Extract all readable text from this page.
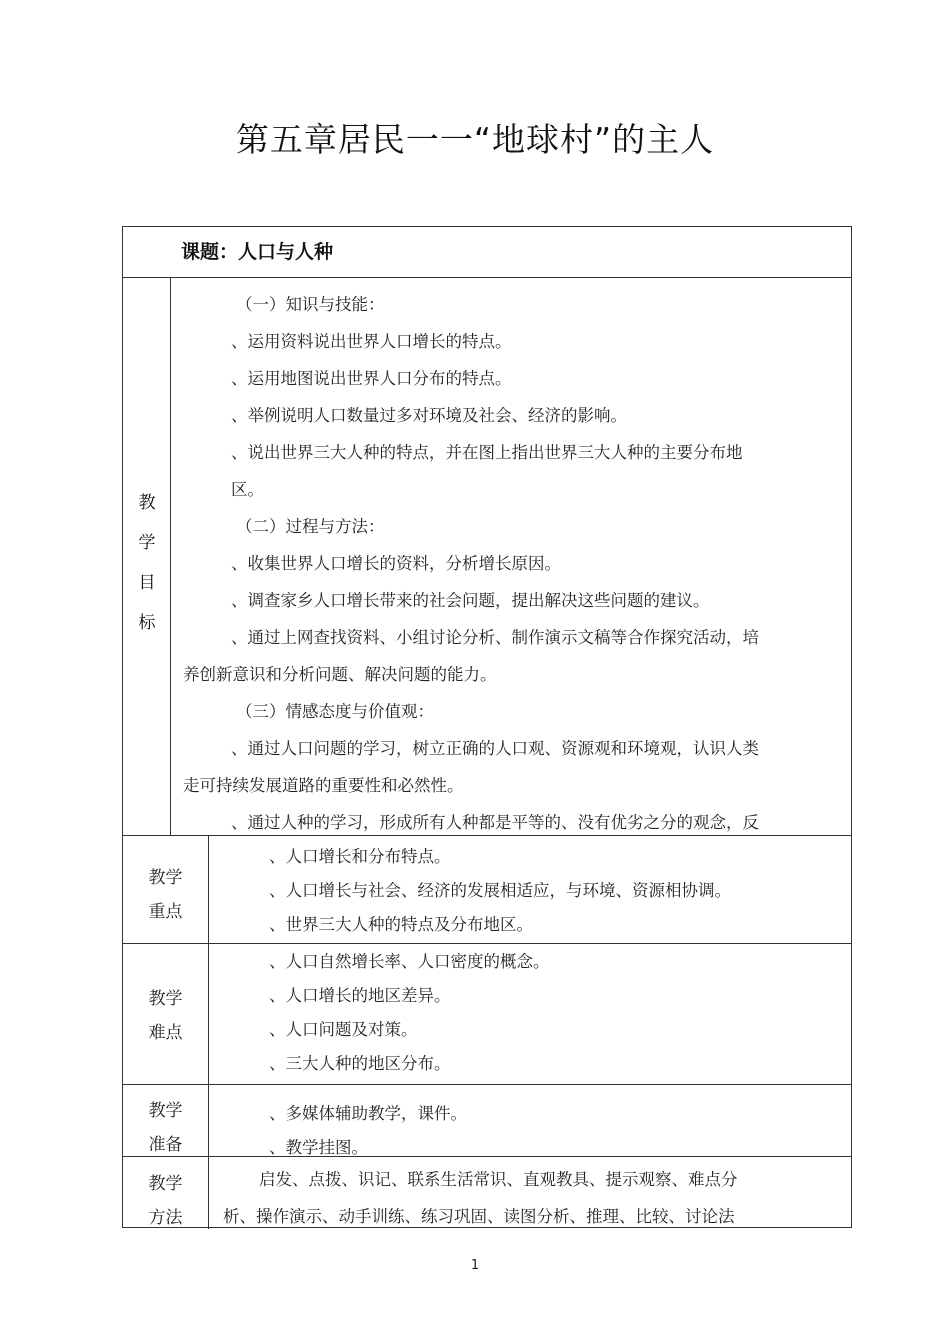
第五章居民一一“地球村”的主人
课题：人口与人种
教
学
目
标
（一）知识与技能：
、运用资料说出世界人口增长的特点。
、运用地图说出世界人口分布的特点。
、举例说明人口数量过多对环境及社会、经济的影响。
、说出世界三大人种的特点，并在图上指出世界三大人种的主要分布地
区。
（二）过程与方法：
、收集世界人口增长的资料，分析增长原因。
、调查家乡人口增长带来的社会问题，提出解决这些问题的建议。
、通过上网查找资料、小组讨论分析、制作演示文稿等合作探究活动，培
养创新意识和分析问题、解决问题的能力。
（三）情感态度与价值观：
、通过人口问题的学习，树立正确的人口观、资源观和环境观，认识人类
走可持续发展道路的重要性和必然性。
、通过人种的学习，形成所有人种都是平等的、没有优劣之分的观念，反
教学
重点
、人口增长和分布特点。
、人口增长与社会、经济的发展相适应，与环境、资源相协调。
、世界三大人种的特点及分布地区。
教学
难点
、人口自然增长率、人口密度的概念。
、人口增长的地区差异。
、人口问题及对策。
、三大人种的地区分布。
教学
准备
、多媒体辅助教学，课件。
、教学挂图。
教学
方法
启发、点拨、识记、联系生活常识、直观教具、提示观察、难点分
析、操作演示、动手训练、练习巩固、读图分析、推理、比较、讨论法
1
